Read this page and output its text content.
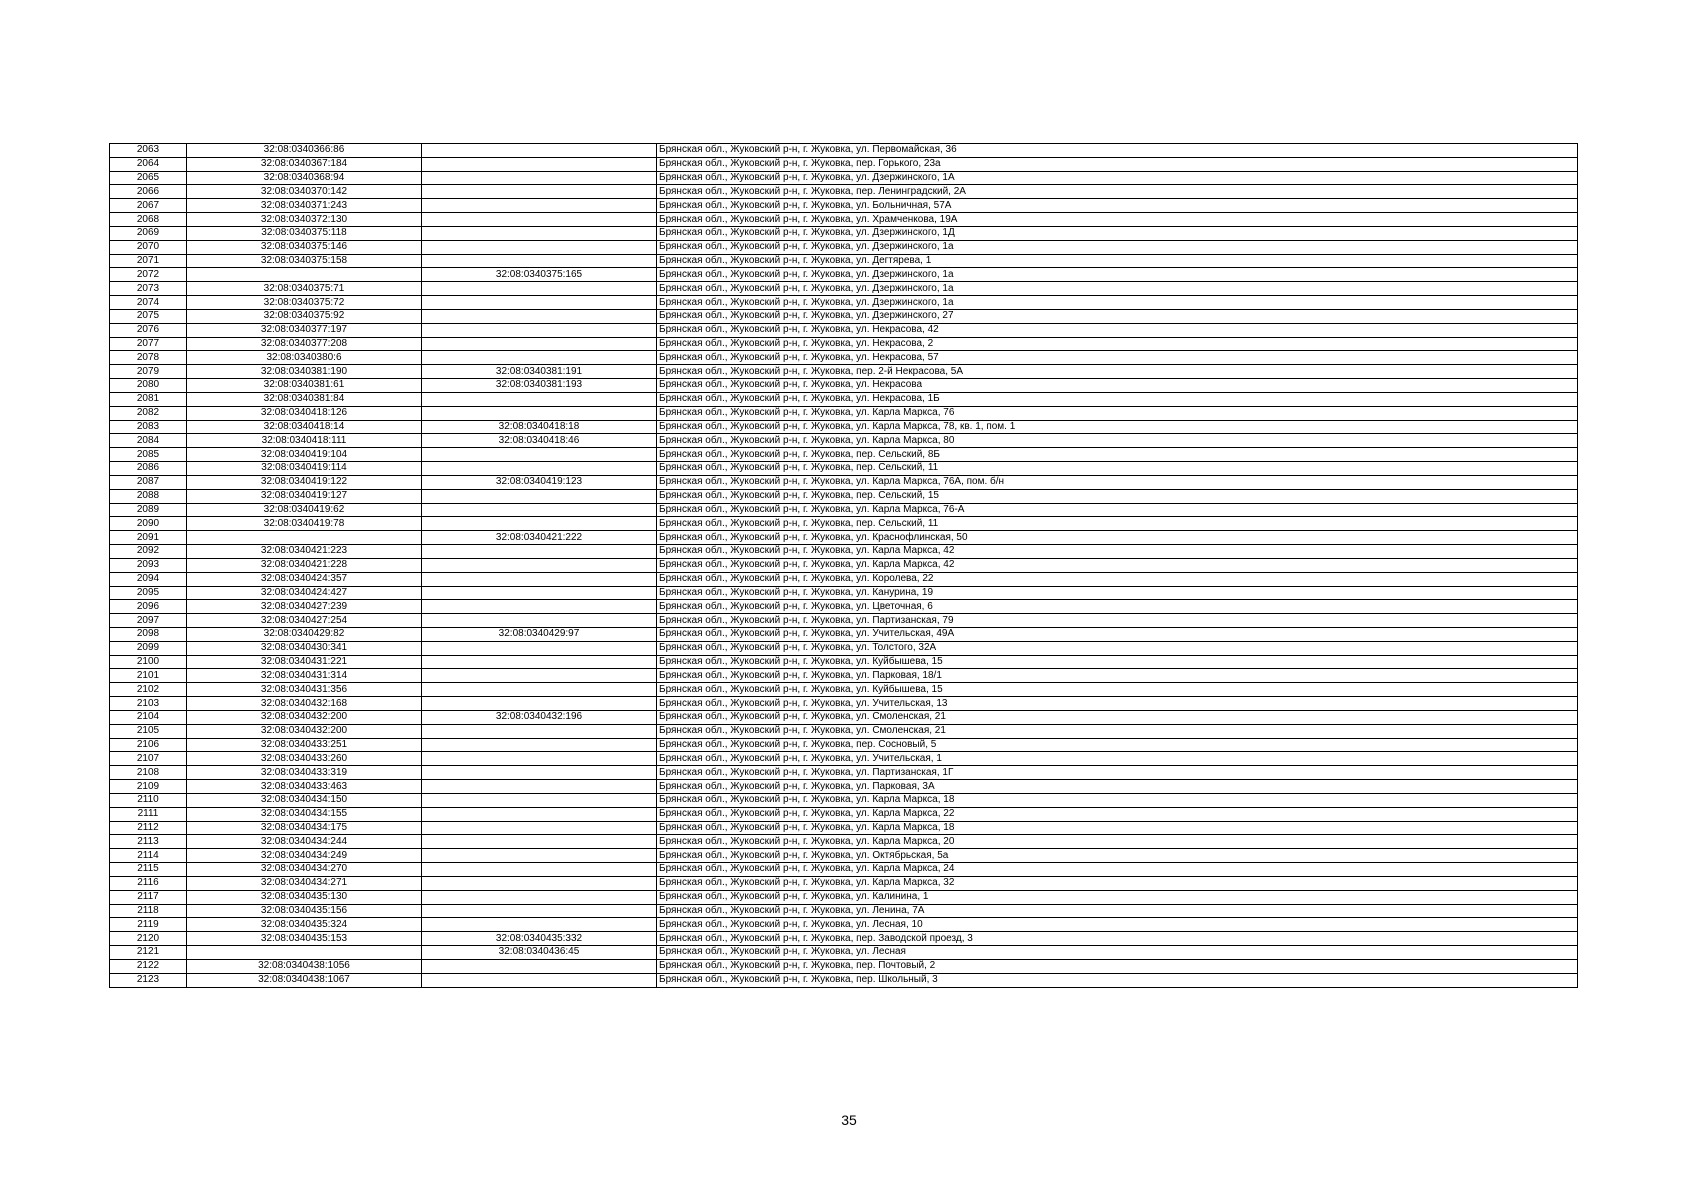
2063	32:08:0340366:86		Брянская обл., Жуковский р-н, г. Жуковка, ул. Первомайская, 36
2064	32:08:0340367:184		Брянская обл., Жуковский р-н, г. Жуковка, пер. Горького, 23а
2065	32:08:0340368:94		Брянская обл., Жуковский р-н, г. Жуковка, ул. Дзержинского, 1А
2066	32:08:0340370:142		Брянская обл., Жуковский р-н, г. Жуковка, пер. Ленинградский, 2А
2067	32:08:0340371:243		Брянская обл., Жуковский р-н, г. Жуковка, ул. Больничная, 57А
2068	32:08:0340372:130		Брянская обл., Жуковский р-н, г. Жуковка, ул. Храмченкова, 19А
2069	32:08:0340375:118		Брянская обл., Жуковский р-н, г. Жуковка, ул. Дзержинского, 1Д
2070	32:08:0340375:146		Брянская обл., Жуковский р-н, г. Жуковка, ул. Дзержинского, 1а
2071	32:08:0340375:158		Брянская обл., Жуковский р-н, г. Жуковка, ул. Дегтярева, 1
2072		32:08:0340375:165	Брянская обл., Жуковский р-н, г. Жуковка, ул. Дзержинского, 1а
2073	32:08:0340375:71		Брянская обл., Жуковский р-н, г. Жуковка, ул. Дзержинского, 1а
2074	32:08:0340375:72		Брянская обл., Жуковский р-н, г. Жуковка, ул. Дзержинского, 1а
2075	32:08:0340375:92		Брянская обл., Жуковский р-н, г. Жуковка, ул. Дзержинского, 27
2076	32:08:0340377:197		Брянская обл., Жуковский р-н, г. Жуковка, ул. Некрасова, 42
2077	32:08:0340377:208		Брянская обл., Жуковский р-н, г. Жуковка, ул. Некрасова, 2
2078	32:08:0340380:6		Брянская обл., Жуковский р-н, г. Жуковка, ул. Некрасова, 57
2079	32:08:0340381:190	32:08:0340381:191	Брянская обл., Жуковский р-н, г. Жуковка, пер. 2-й Некрасова, 5А
2080	32:08:0340381:61	32:08:0340381:193	Брянская обл., Жуковский р-н, г. Жуковка, ул. Некрасова
2081	32:08:0340381:84		Брянская обл., Жуковский р-н, г. Жуковка, ул. Некрасова, 1Б
2082	32:08:0340418:126		Брянская обл., Жуковский р-н, г. Жуковка, ул. Карла Маркса, 76
2083	32:08:0340418:14	32:08:0340418:18	Брянская обл., Жуковский р-н, г. Жуковка, ул. Карла Маркса, 78, кв. 1, пом. 1
2084	32:08:0340418:111	32:08:0340418:46	Брянская обл., Жуковский р-н, г. Жуковка, ул. Карла Маркса, 80
2085	32:08:0340419:104		Брянская обл., Жуковский р-н, г. Жуковка, пер. Сельский, 8Б
2086	32:08:0340419:114		Брянская обл., Жуковский р-н, г. Жуковка, пер. Сельский, 11
2087	32:08:0340419:122	32:08:0340419:123	Брянская обл., Жуковский р-н, г. Жуковка, ул. Карла Маркса, 76А, пом. б/н
2088	32:08:0340419:127		Брянская обл., Жуковский р-н, г. Жуковка, пер. Сельский, 15
2089	32:08:0340419:62		Брянская обл., Жуковский р-н, г. Жуковка, ул. Карла Маркса, 76-А
2090	32:08:0340419:78		Брянская обл., Жуковский р-н, г. Жуковка, пер. Сельский, 11
2091		32:08:0340421:222	Брянская обл., Жуковский р-н, г. Жуковка, ул. Краснофлинская, 50
2092	32:08:0340421:223		Брянская обл., Жуковский р-н, г. Жуковка, ул. Карла Маркса, 42
2093	32:08:0340421:228		Брянская обл., Жуковский р-н, г. Жуковка, ул. Карла Маркса, 42
2094	32:08:0340424:357		Брянская обл., Жуковский р-н, г. Жуковка, ул. Королева, 22
2095	32:08:0340424:427		Брянская обл., Жуковский р-н, г. Жуковка, ул. Канурина, 19
2096	32:08:0340427:239		Брянская обл., Жуковский р-н, г. Жуковка, ул. Цветочная, 6
2097	32:08:0340427:254		Брянская обл., Жуковский р-н, г. Жуковка, ул. Партизанская, 79
2098	32:08:0340429:82	32:08:0340429:97	Брянская обл., Жуковский р-н, г. Жуковка, ул. Учительская, 49А
2099	32:08:0340430:341		Брянская обл., Жуковский р-н, г. Жуковка, ул. Толстого, 32А
2100	32:08:0340431:221		Брянская обл., Жуковский р-н, г. Жуковка, ул. Куйбышева, 15
2101	32:08:0340431:314		Брянская обл., Жуковский р-н, г. Жуковка, ул. Парковая, 18/1
2102	32:08:0340431:356		Брянская обл., Жуковский р-н, г. Жуковка, ул. Куйбышева, 15
2103	32:08:0340432:168		Брянская обл., Жуковский р-н, г. Жуковка, ул. Учительская, 13
2104	32:08:0340432:200	32:08:0340432:196	Брянская обл., Жуковский р-н, г. Жуковка, ул. Смоленская, 21
2105	32:08:0340432:200		Брянская обл., Жуковский р-н, г. Жуковка, ул. Смоленская, 21
2106	32:08:0340433:251		Брянская обл., Жуковский р-н, г. Жуковка, пер. Сосновый, 5
2107	32:08:0340433:260		Брянская обл., Жуковский р-н, г. Жуковка, ул. Учительская, 1
2108	32:08:0340433:319		Брянская обл., Жуковский р-н, г. Жуковка, ул. Партизанская, 1Г
2109	32:08:0340433:463		Брянская обл., Жуковский р-н, г. Жуковка, ул. Парковая, 3А
2110	32:08:0340434:150		Брянская обл., Жуковский р-н, г. Жуковка, ул. Карла Маркса, 18
2111	32:08:0340434:155		Брянская обл., Жуковский р-н, г. Жуковка, ул. Карла Маркса, 22
2112	32:08:0340434:175		Брянская обл., Жуковский р-н, г. Жуковка, ул. Карла Маркса, 18
2113	32:08:0340434:244		Брянская обл., Жуковский р-н, г. Жуковка, ул. Карла Маркса, 20
2114	32:08:0340434:249		Брянская обл., Жуковский р-н, г. Жуковка, ул. Октябрьская, 5а
2115	32:08:0340434:270		Брянская обл., Жуковский р-н, г. Жуковка, ул. Карла Маркса, 24
2116	32:08:0340434:271		Брянская обл., Жуковский р-н, г. Жуковка, ул. Карла Маркса, 32
2117	32:08:0340435:130		Брянская обл., Жуковский р-н, г. Жуковка, ул. Калинина, 1
2118	32:08:0340435:156		Брянская обл., Жуковский р-н, г. Жуковка, ул. Ленина, 7А
2119	32:08:0340435:324		Брянская обл., Жуковский р-н, г. Жуковка, ул. Лесная, 10
2120	32:08:0340435:153	32:08:0340435:332	Брянская обл., Жуковский р-н, г. Жуковка, пер. Заводской проезд, 3
2121		32:08:0340436:45	Брянская обл., Жуковский р-н, г. Жуковка, ул. Лесная
2122	32:08:0340438:1056		Брянская обл., Жуковский р-н, г. Жуковка, пер. Почтовый, 2
2123	32:08:0340438:1067		Брянская обл., Жуковский р-н, г. Жуковка, пер. Школьный, 3
35
